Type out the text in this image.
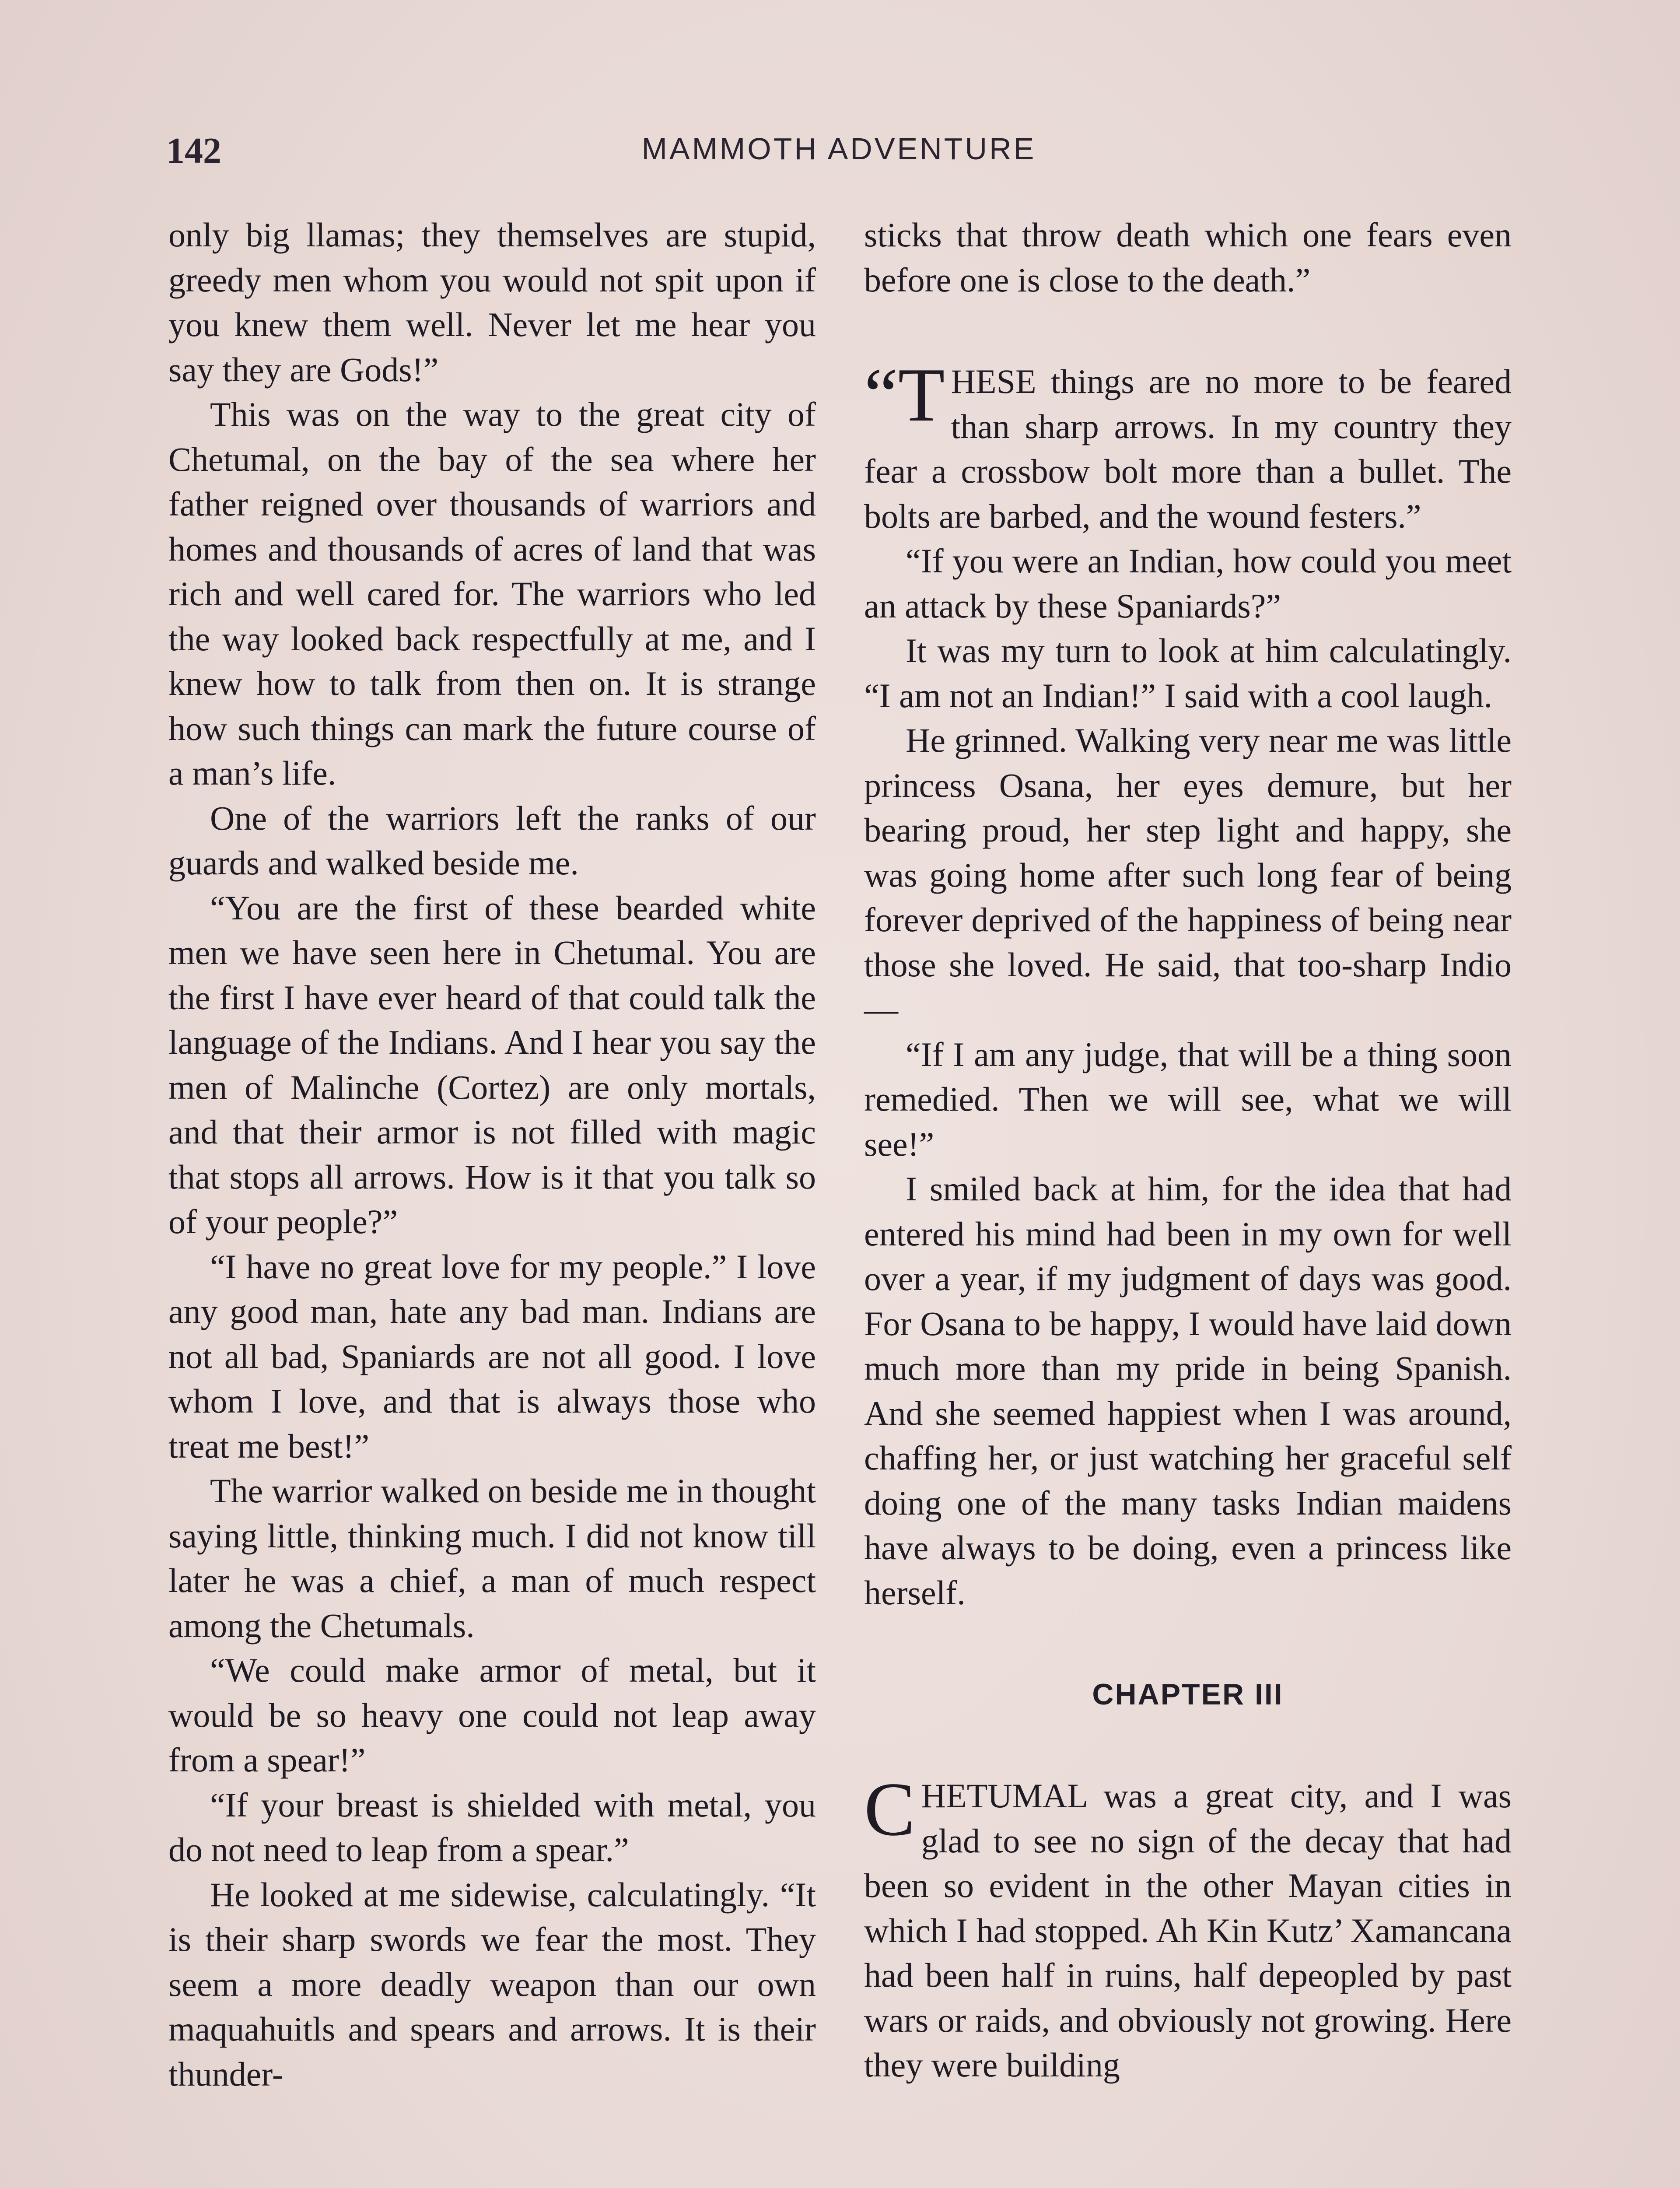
142	MAMMOTH ADVENTURE

only big llamas; they themselves are stupid, greedy men whom you would not spit upon if you knew them well. Never let me hear you say they are Gods!”

This was on the way to the great city of Chetumal, on the bay of the sea where her father reigned over thousands of warriors and homes and thousands of acres of land that was rich and well cared for. The warriors who led the way looked back respectfully at me, and I knew how to talk from then on. It is strange how such things can mark the future course of a man’s life.

One of the warriors left the ranks of our guards and walked beside me.

“You are the first of these bearded white men we have seen here in Chetumal. You are the first I have ever heard of that could talk the language of the Indians. And I hear you say the men of Malinche (Cortez) are only mortals, and that their armor is not filled with magic that stops all arrows. How is it that you talk so of your people?”

“I have no great love for my people.” I love any good man, hate any bad man. Indians are not all bad, Spaniards are not all good. I love whom I love, and that is always those who treat me best!”

The warrior walked on beside me in thought saying little, thinking much. I did not know till later he was a chief, a man of much respect among the Chetumals.

“We could make armor of metal, but it would be so heavy one could not leap away from a spear!”

“If your breast is shielded with metal, you do not need to leap from a spear.”

He looked at me sidewise, calculatingly. “It is their sharp swords we fear the most. They seem a more deadly weapon than our own maquahuitls and spears and arrows. It is their thunder-

sticks that throw death which one fears even before one is close to the death.”

“T HESE things are no more to be feared than sharp arrows. In my country they fear a crossbow bolt more than a bullet. The bolts are barbed, and the wound festers.”

“If you were an Indian, how could you meet an attack by these Spaniards?”

It was my turn to look at him calculatingly. “I am not an Indian!” I said with a cool laugh.

He grinned. Walking very near me was little princess Osana, her eyes demure, but her bearing proud, her step light and happy, she was going home after such long fear of being forever deprived of the happiness of being near those she loved. He said, that too-sharp Indio—

“If I am any judge, that will be a thing soon remedied. Then we will see, what we will see!”

I smiled back at him, for the idea that had entered his mind had been in my own for well over a year, if my judgment of days was good. For Osana to be happy, I would have laid down much more than my pride in being Spanish. And she seemed happiest when I was around, chaffing her, or just watching her graceful self doing one of the many tasks Indian maidens have always to be doing, even a princess like herself.

CHAPTER III

CHETUMAL was a great city, and I was glad to see no sign of the decay that had been so evident in the other Mayan cities in which I had stopped. Ah Kin Kutz’ Xamancana had been half in ruins, half depeopled by past wars or raids, and obviously not growing. Here they were building
